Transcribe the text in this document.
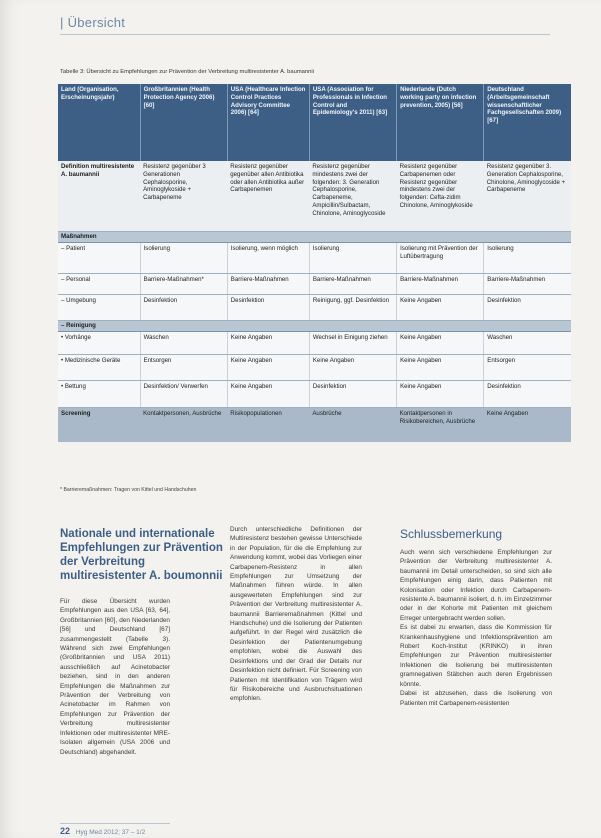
| Übersicht
Tabelle 3: Übersicht zu Empfehlungen zur Prävention der Verbreitung multiresistenter A. baumannii
Land (Organisation, Erscheinungsjahr)	Großbritannien (Health Protection Agency 2006) [60]	USA (Healthcare Infection Control Practices Advisory Committee 2006) [64]	USA (Association for Professionals in Infection Control and Epidemiology's 2011) [63]	Niederlande (Dutch working party on infection prevention, 2005) [56]	Deutschland (Arbeitsgemeinschaft wissenschaftlicher Fachgesellschaften 2009) [67]
Definition multiresistente A. baumannii	Resistenz gegenüber 3 Generationen Cephalosporine, Aminoglykoside + Carbapeneme	Resistenz gegenüber gegenüber allen Antibiotika oder allen Antibiotika außer Carbapenemen	Resistenz gegenüber mindestens zwei der folgenden: 3. Generation Cephalosporine, Carbapeneme, Ampicillin/Sulbactam, Chinolone, Aminoglycoside	Resistenz gegenüber Carbapenemen oder Resistenz gegenüber mindestens zwei der folgenden: Cefta-zidim Chinolone, Aminoglykoside	Resistenz gegenüber 3. Generation Cephalosporine, Chinolone, Aminoglycoside + Carbapeneme
Maßnahmen					
– Patient	Isolierung	Isolierung, wenn möglich	Isolierung	Isolierung mit Prävention der Luftübertragung	Isolierung
– Personal	Barriere-Maßnahmen*	Barriere-Maßnahmen	Barriere-Maßnahmen	Barriere-Maßnahmen	Barriere-Maßnahmen
– Umgebung	Desinfektion	Desinfektion	Reinigung, ggf. Desinfektion	Keine Angaben	Desinfektion
– Reinigung					
• Vorhänge	Waschen	Keine Angaben	Wechsel in Einigung ziehen	Keine Angaben	Waschen
• Medizinische Geräte	Entsorgen	Keine Angaben	Keine Angaben	Keine Angaben	Entsorgen
• Bettung	Desinfektion/ Verwerfen	Keine Angaben	Desinfektion	Keine Angaben	Desinfektion
Screening	Kontaktpersonen, Ausbrüche	Risikopopulationen	Ausbrüche	Kontaktpersonen in Risikobereichen, Ausbrüche	Keine Angaben
* Barrieremaßnahmen: Tragen von Kittel und Handschuhen
Nationale und internationale Empfehlungen zur Prävention der Verbreitung multiresistenter A. boumonnii
Für diese Übersicht wurden Empfehlungen aus den USA [63, 64], Großbritannien [60], den Niederlanden [56] und Deutschland [67] zusammengestellt (Tabelle 3). Während sich zwei Empfehlungen (Großbritannien und USA 2011) ausschließlich auf Acinetobacter beziehen, sind in den anderen Empfehlungen die Maßnahmen zur Prävention der Verbreitung von Acinetobacter im Rahmen von Empfehlungen zur Prävention der Verbreitung multiresistenter Infektionen oder multiresistenter MRE-Isolaten allgemein (USA 2006 und Deutschland) abgehandelt.
Durch unterschiedliche Definitionen der Multiresistenz bestehen gewisse Unterschiede in der Population, für die die Empfehlung zur Anwendung kommt, wobei das Vorliegen einer Carbapenem-Resistenz in allen Empfehlungen zur Umsetzung der Maßnahmen führen würde. In allen ausgewerteten Empfehlungen sind zur Prävention der Verbreitung multiresistenter A. baumannii Barrieremaßnahmen (Kittel und Handschuhe) und die Isolierung der Patienten aufgeführt. In der Regel wird zusätzlich die Desinfektion der Patientenumgebung empfohlen, wobei die Auswahl des Desinfektions und der Grad der Details nur Desinfektion nicht definiert. Für Screening von Patienten mit Identifikation von Trägern wird für Risikobereiche und Ausbruchsituationen empfohlen.
Schlussbemerkung

Auch wenn sich verschiedene Empfehlungen zur Prävention der Verbreitung multiresistenter A. baumannii im Detail unterscheiden, so sind sich alle Empfehlungen einig darin, dass Patienten mit Kolonisation oder Infektion durch Carbapenem-resistente A. baumannii isoliert, d. h. im Einzelzimmer oder in der Kohorte mit Patienten mit gleichem Erreger untergebracht werden sollen.

Es ist dabei zu erwarten, dass die Kommission für Krankenhaushygiene und Infektionsprävention am Robert Koch-Institut (KRINKO) in ihren Empfehlungen zur Prävention multiresistenter Infektionen die Isolierung bei multiresistenten gramnegativen Stäbchen auch deren Ergebnissen könnte.

Dabei ist abzusehen, dass die Isolierung von Patienten mit Carbapenem-resistenten

22 Hyg Med 2012; 37 – 1/2
